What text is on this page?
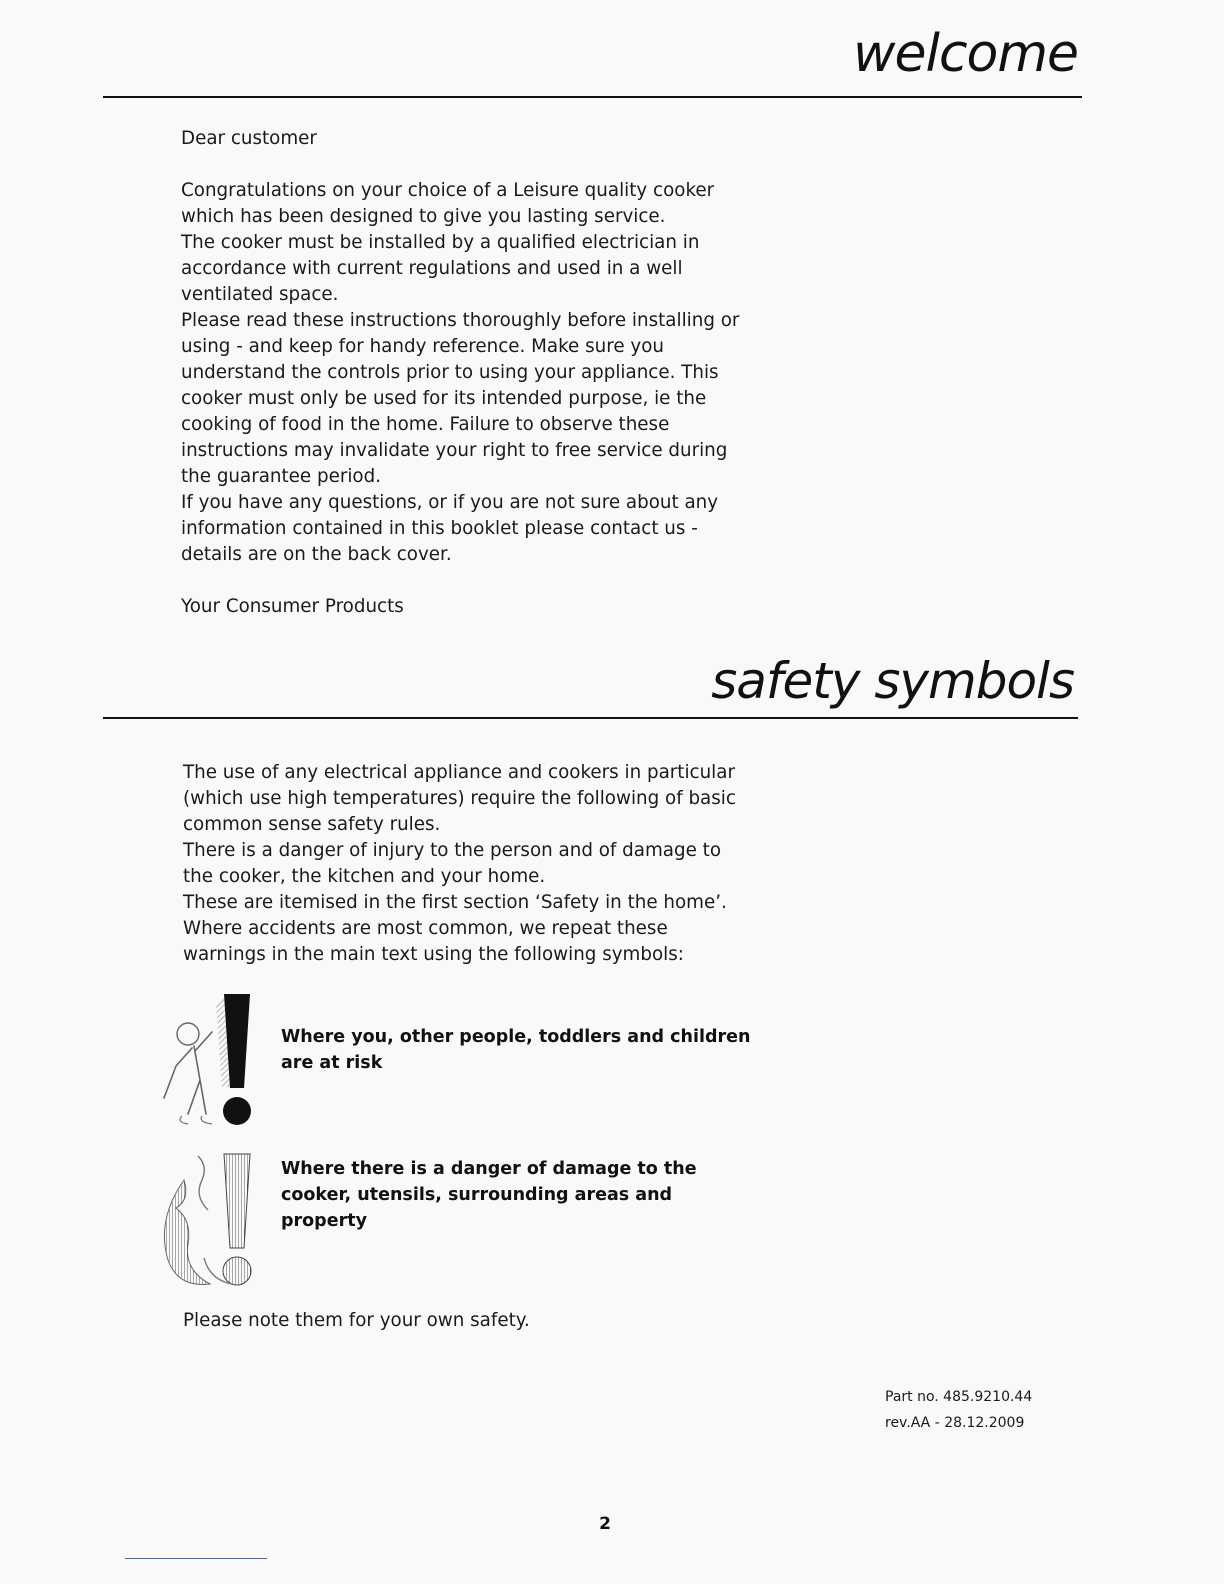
welcome
Dear customer
Congratulations on your choice of a Leisure quality cooker which has been designed to give you lasting service.
The cooker must be installed by a qualified electrician in accordance with current regulations and used in a well ventilated space.
Please read these instructions thoroughly before installing or using - and keep for handy reference. Make sure you understand the controls prior to using your appliance. This cooker must only be used for its intended purpose, ie the cooking of food in the home. Failure to observe these instructions may invalidate your right to free service during the guarantee period.
If you have any questions, or if you are not sure about any information contained in this booklet please contact us - details are on the back cover.
Your Consumer Products
safety symbols
The use of any electrical appliance and cookers in particular (which use high temperatures) require the following of basic common sense safety rules.
There is a danger of injury to the person and of damage to the cooker, the kitchen and your home.
These are itemised in the first section ‘Safety in the home’. Where accidents are most common, we repeat these warnings in the main text using the following symbols:
Where you, other people, toddlers and children are at risk
Where there is a danger of damage to the cooker, utensils, surrounding areas and property
Please note them for your own safety.
Part no. 485.9210.44
rev.AA - 28.12.2009
2
